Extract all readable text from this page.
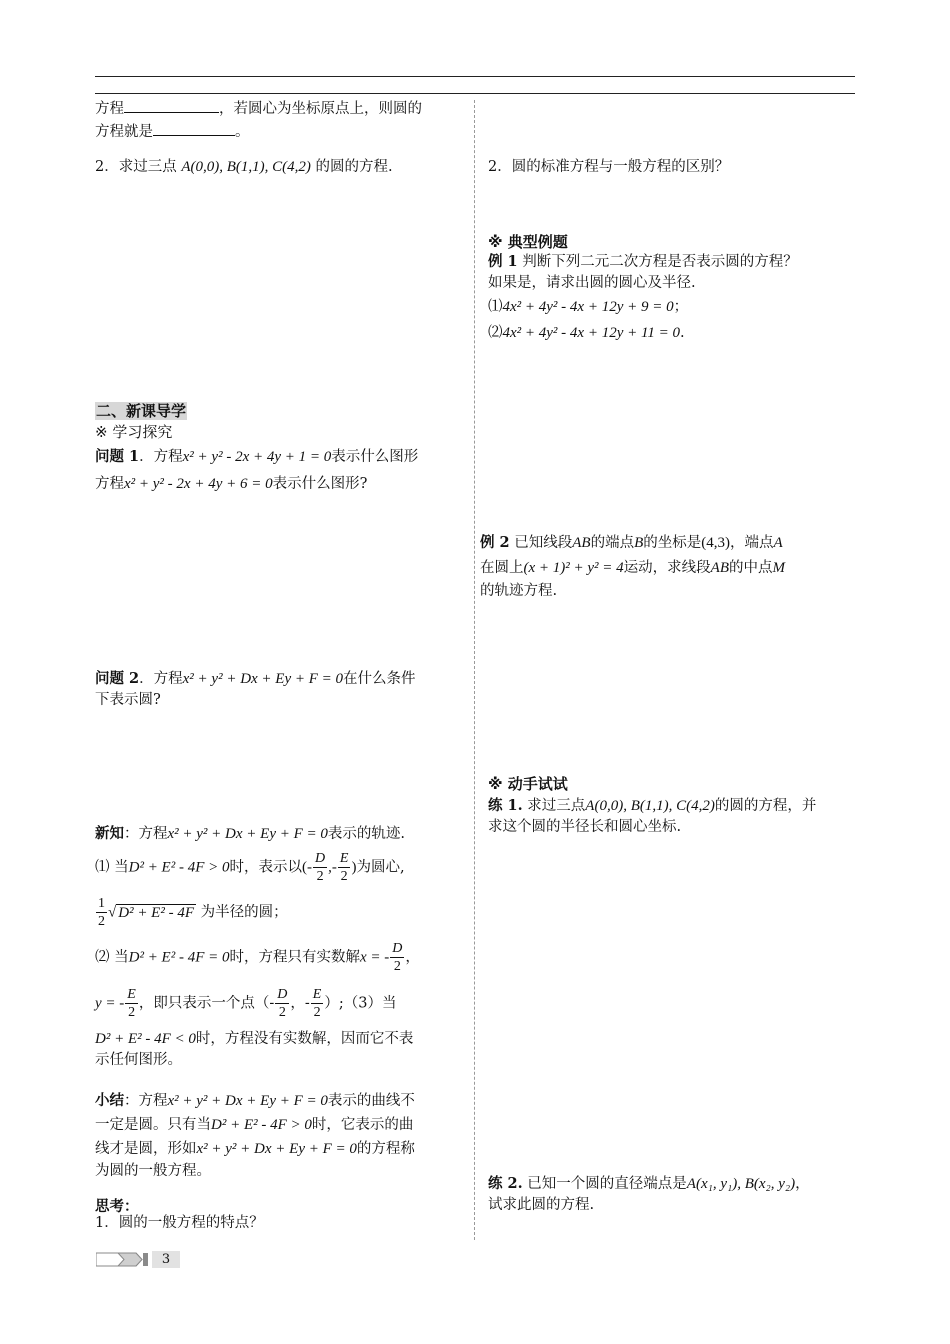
方程	，若圆心为坐标原点上，则圆的
方程就是	。
2．求过三点 A(0,0), B(1,1), C(4,2) 的圆的方程.
二、新课导学
※ 学习探究
问题 1．方程x² + y² - 2x + 4y + 1 = 0表示什么图形
方程x² + y² - 2x + 4y + 6 = 0表示什么图形?
问题 2．方程x² + y² + Dx + Ey + F = 0在什么条件
下表示圆?
新知：方程x² + y² + Dx + Ey + F = 0表示的轨迹.
⑴ 当D² + E² - 4F > 0时，表示以(- $\frac{D}{2}$ ,- $\frac{E}{2}$ )为圆心,
$\frac{1}{2}$ √ D² + E² - 4F 为半径的圆；
⑵ 当D² + E² - 4F = 0时，方程只有实数解x = - $\frac{D}{2}$ ，
y = - $\frac{E}{2}$ ，即只表示一个点（- $\frac{D}{2}$ ，- $\frac{E}{2}$ ）;（3）当
D² + E² - 4F < 0时，方程没有实数解，因而它不表
示任何图形。
小结：方程x² + y² + Dx + Ey + F = 0表示的曲线不
一定是圆。只有当D² + E² - 4F > 0时，它表示的曲
线才是圆，形如x² + y² + Dx + Ey + F = 0的方程称
为圆的一般方程。
思考：
1．圆的一般方程的特点？
2．圆的标准方程与一般方程的区别？
※ 典型例题
例 1 判断下列二元二次方程是否表示圆的方程？
如果是，请求出圆的圆心及半径.
⑴4x² + 4y² - 4x + 12y + 9 = 0；
⑵4x² + 4y² - 4x + 12y + 11 = 0.
例 2 已知线段AB的端点B的坐标是(4,3)，端点A
在圆上(x + 1)² + y² = 4运动，求线段AB的中点M
的轨迹方程.
※ 动手试试
练 1. 求过三点A(0,0), B(1,1), C(4,2)的圆的方程，并
求这个圆的半径长和圆心坐标.
练 2. 已知一个圆的直径端点是A(x₁, y₁), B(x₂, y₂)，
试求此圆的方程.
3
